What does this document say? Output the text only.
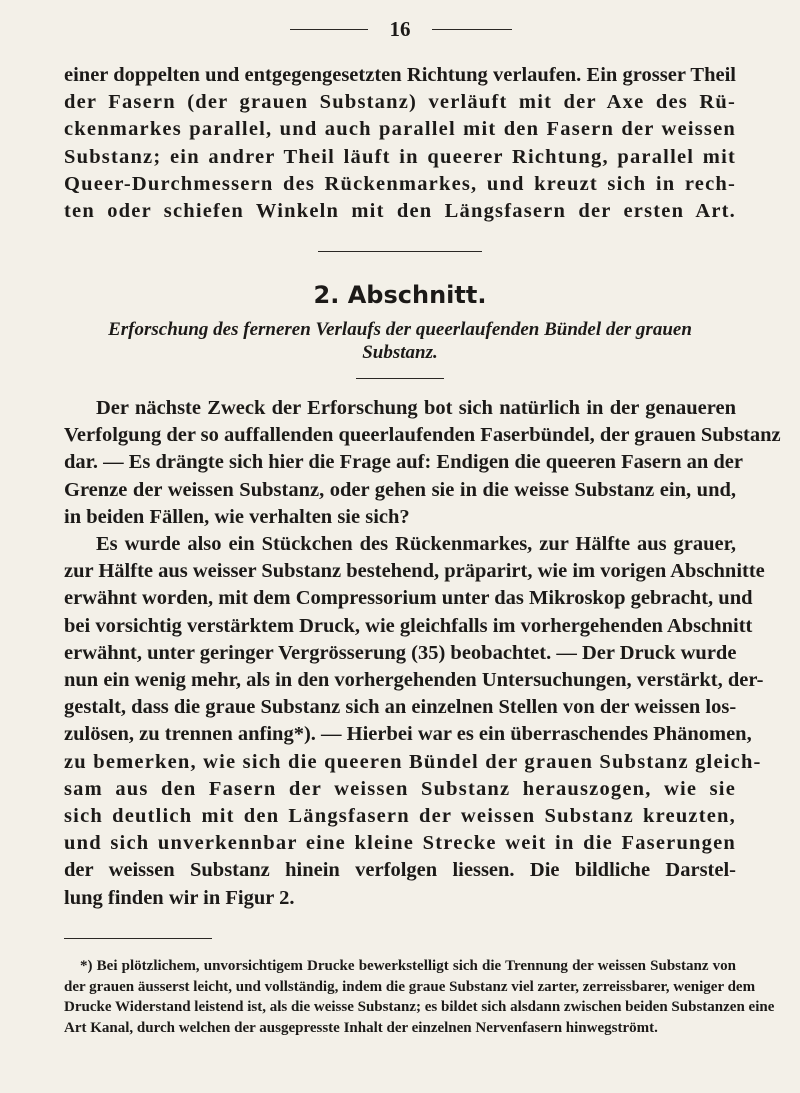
16
einer doppelten und entgegengesetzten Richtung verlaufen. Ein grosser Theil
der Fasern (der grauen Substanz) verläuft mit der Axe des Rü-
ckenmarkes parallel, und auch parallel mit den Fasern der weissen
Substanz; ein andrer Theil läuft in queerer Richtung, parallel mit
Queer-Durchmessern des Rückenmarkes, und kreuzt sich in rech-
ten oder schiefen Winkeln mit den Längsfasern der ersten Art.
2. Abschnitt.
Erforschung des ferneren Verlaufs der queerlaufenden Bündel der grauen
Substanz.
Der nächste Zweck der Erforschung bot sich natürlich in der genaueren
Verfolgung der so auffallenden queerlaufenden Faserbündel, der grauen Substanz
dar. — Es drängte sich hier die Frage auf: Endigen die queeren Fasern an der
Grenze der weissen Substanz, oder gehen sie in die weisse Substanz ein, und,
in beiden Fällen, wie verhalten sie sich?
Es wurde also ein Stückchen des Rückenmarkes, zur Hälfte aus grauer,
zur Hälfte aus weisser Substanz bestehend, präparirt, wie im vorigen Abschnitte
erwähnt worden, mit dem Compressorium unter das Mikroskop gebracht, und
bei vorsichtig verstärktem Druck, wie gleichfalls im vorhergehenden Abschnitt
erwähnt, unter geringer Vergrösserung (35) beobachtet. — Der Druck wurde
nun ein wenig mehr, als in den vorhergehenden Untersuchungen, verstärkt, der-
gestalt, dass die graue Substanz sich an einzelnen Stellen von der weissen los-
zulösen, zu trennen anfing*). — Hierbei war es ein überraschendes Phänomen,
zu bemerken, wie sich die queeren Bündel der grauen Substanz gleich-
sam aus den Fasern der weissen Substanz herauszogen, wie sie
sich deutlich mit den Längsfasern der weissen Substanz kreuzten,
und sich unverkennbar eine kleine Strecke weit in die Faserungen
der weissen Substanz hinein verfolgen liessen. Die bildliche Darstel-
lung finden wir in Figur 2.
*) Bei plötzlichem, unvorsichtigem Drucke bewerkstelligt sich die Trennung der weissen Substanz von
der grauen äusserst leicht, und vollständig, indem die graue Substanz viel zarter, zerreissbarer, weniger dem
Drucke Widerstand leistend ist, als die weisse Substanz; es bildet sich alsdann zwischen beiden Substanzen eine
Art Kanal, durch welchen der ausgepresste Inhalt der einzelnen Nervenfasern hinwegströmt.
